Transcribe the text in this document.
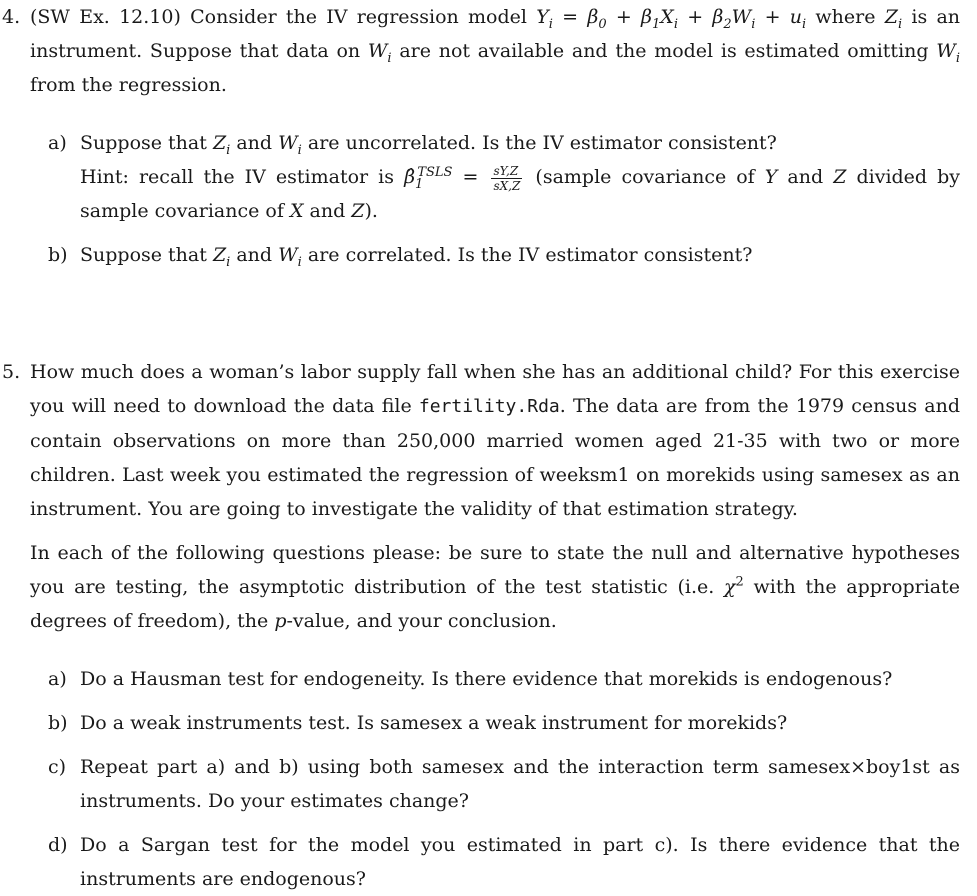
4. (SW Ex. 12.10) Consider the IV regression model $Y_i = \beta_0 + \beta_1X_i + \beta_2W_i + u_i$ where $Z_i$ is an instrument. Suppose that data on $W_i$ are not available and the model is estimated omitting $W_i$ from the regression.
a) Suppose that $Z_i$ and $W_i$ are uncorrelated. Is the IV estimator consistent?
Hint: recall the IV estimator is $\betâ_1^{TSLS} = \frac{sY,Z}{sX,Z}$ (sample covariance of Y and Z divided by sample covariance of X and Z).
b) Suppose that $Z_i$ and $W_i$ are correlated. Is the IV estimator consistent?
5. How much does a woman’s labor supply fall when she has an additional child? For this exercise you will need to download the data file fertility.Rda. The data are from the 1979 census and contain observations on more than 250,000 married women aged 21-35 with two or more children. Last week you estimated the regression of weeksm1 on morekids using samesex as an instrument. You are going to investigate the validity of that estimation strategy.
In each of the following questions please: be sure to state the null and alternative hypotheses you are testing, the asymptotic distribution of the test statistic (i.e. $\chi^2$ with the appropriate degrees of freedom), the p-value, and your conclusion.
a) Do a Hausman test for endogeneity. Is there evidence that morekids is endogenous?
b) Do a weak instruments test. Is samesex a weak instrument for morekids?
c) Repeat part a) and b) using both samesex and the interaction term samesex×boy1st as instruments. Do your estimates change?
d) Do a Sargan test for the model you estimated in part c). Is there evidence that the instruments are endogenous?
